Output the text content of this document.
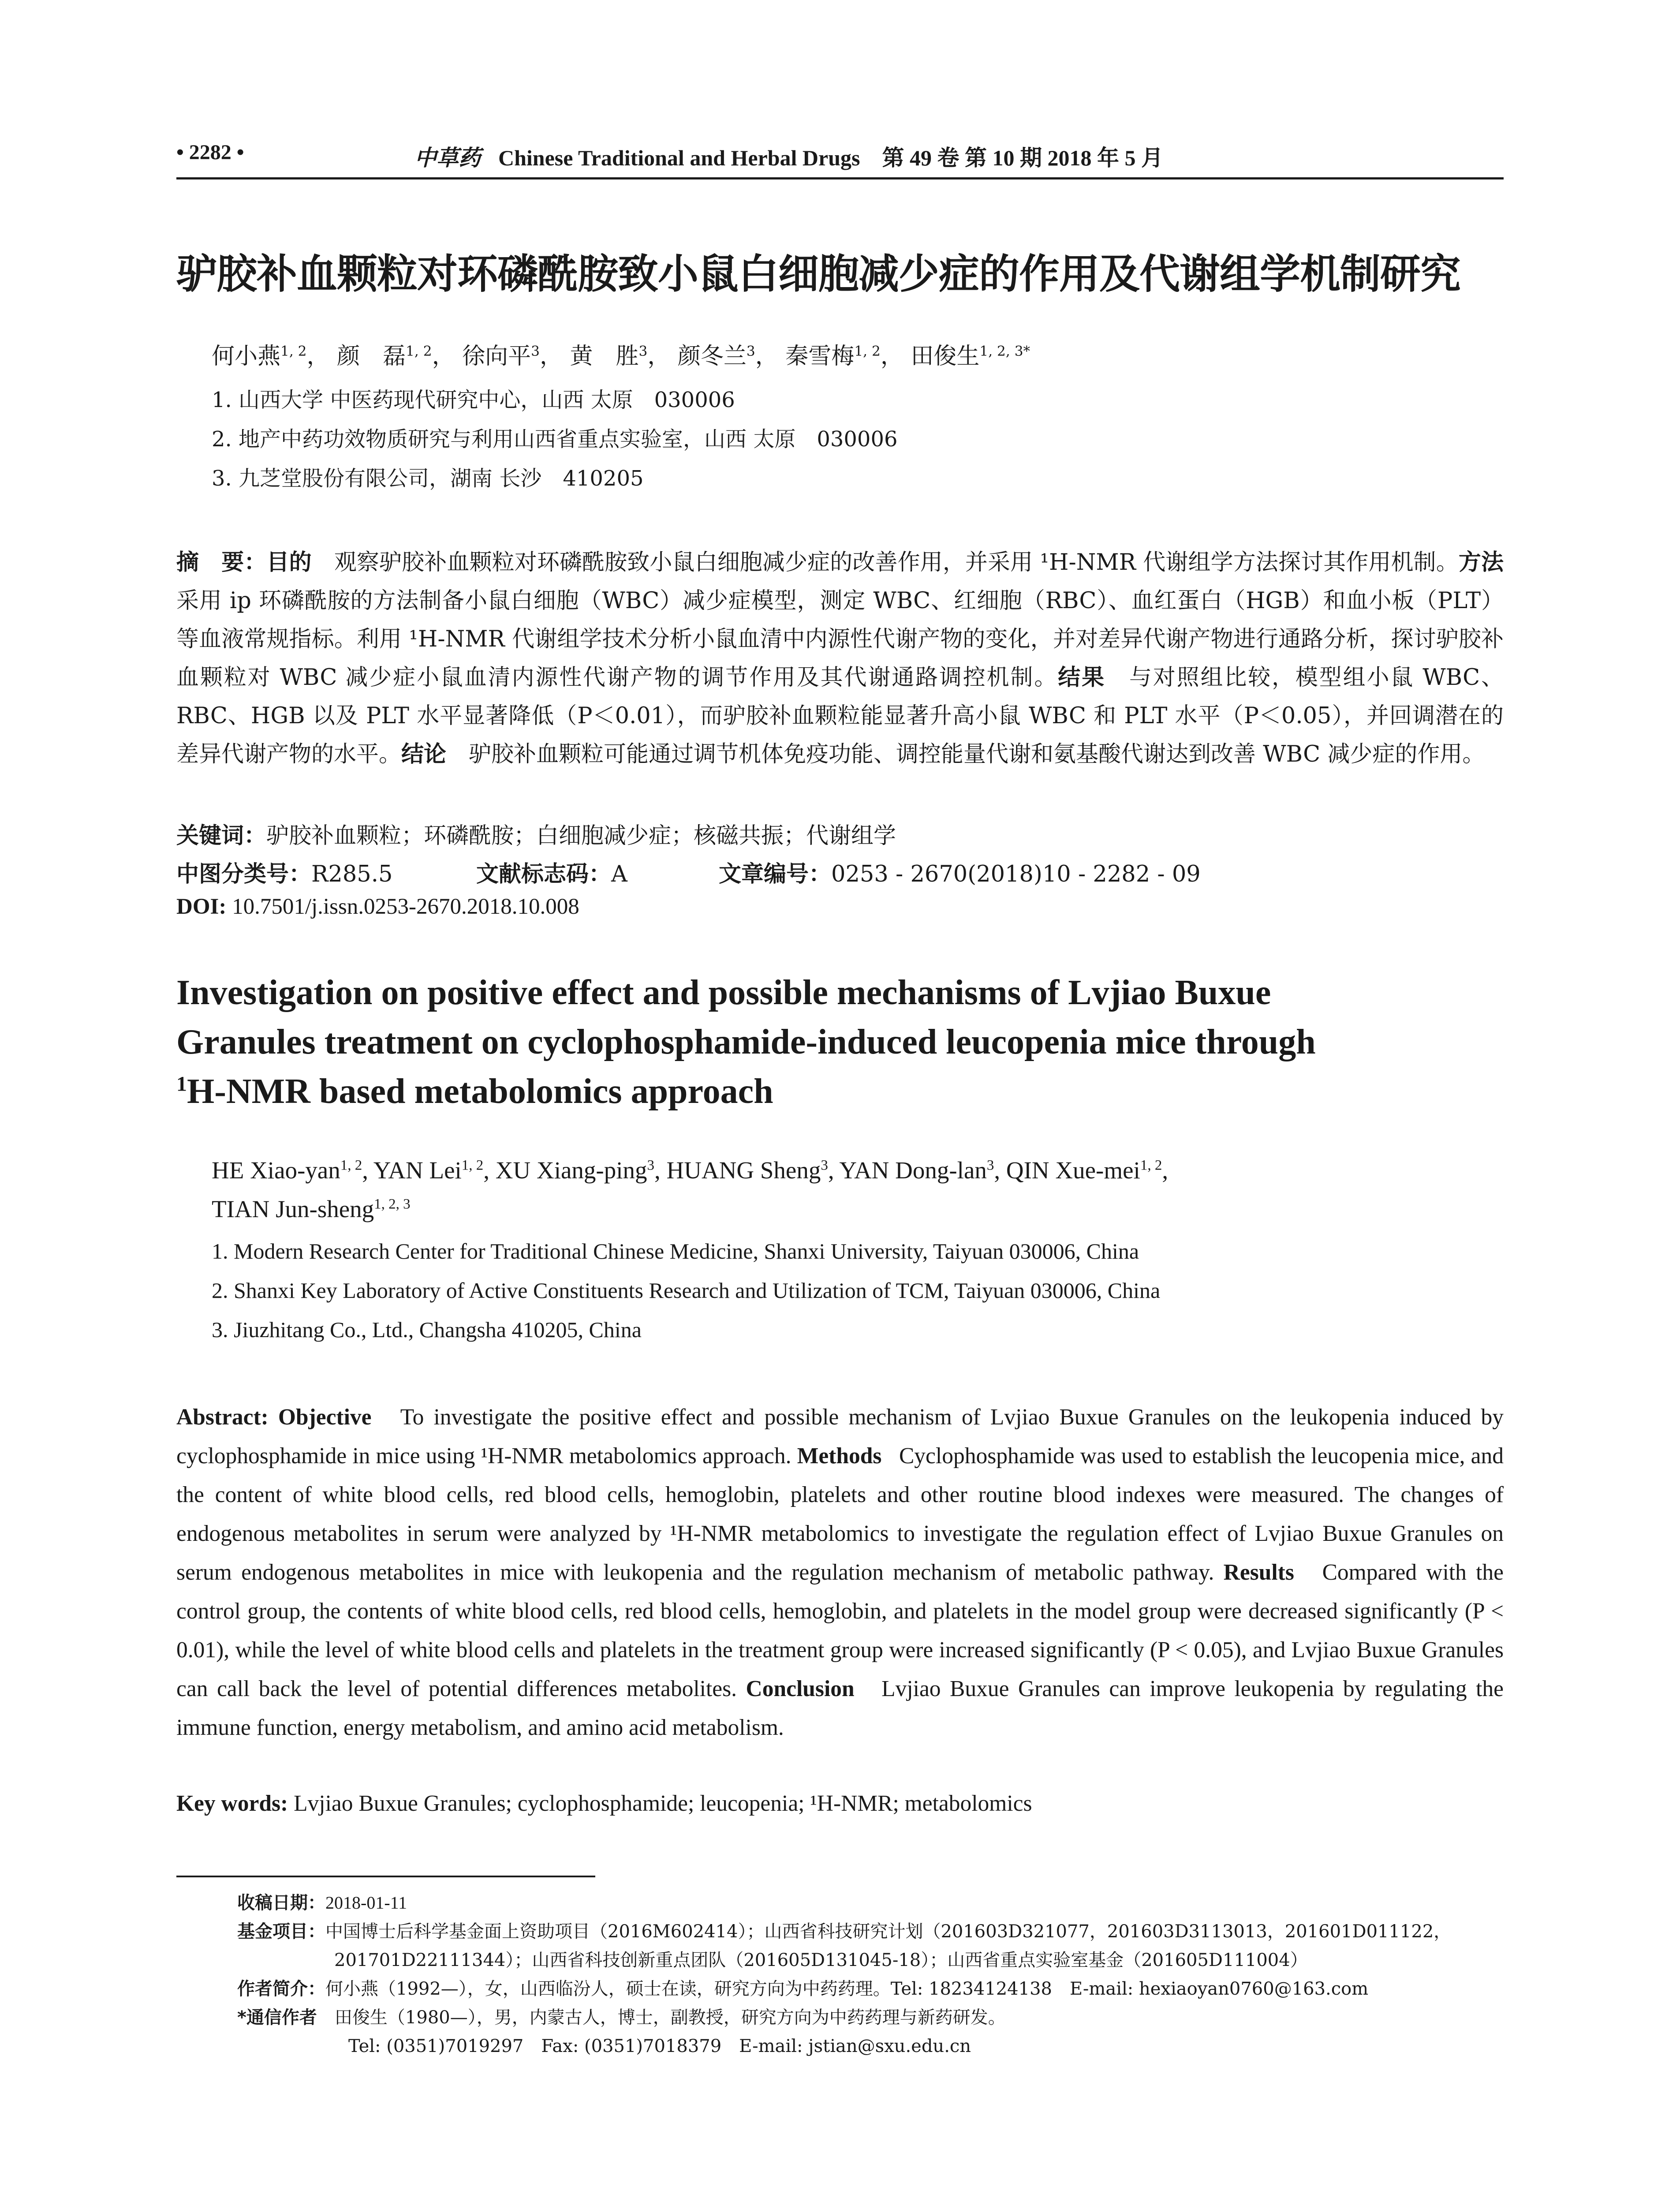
• 2282 •	中草药 Chinese Traditional and Herbal Drugs　第 49 卷 第 10 期 2018 年 5 月
驴胶补血颗粒对环磷酰胺致小鼠白细胞减少症的作用及代谢组学机制研究
何小燕$^{1, 2}$， 颜　磊$^{1, 2}$， 徐向平$^3$， 黄　胜$^3$， 颜冬兰$^3$， 秦雪梅$^{1, 2}$， 田俊生$^{1, 2, 3*}$
1. 山西大学 中医药现代研究中心，山西 太原　030006
2. 地产中药功效物质研究与利用山西省重点实验室，山西 太原　030006
3. 九芝堂股份有限公司，湖南 长沙　410205
摘　要：目的　 观察驴胶补血颗粒对环磷酰胺致小鼠白细胞减少症的改善作用，并采用 ¹H-NMR 代谢组学方法探讨其作用机制。方法　采用 ip 环磷酰胺的方法制备小鼠白细胞（WBC）减少症模型，测定 WBC、红细胞（RBC）、血红蛋白（HGB）和血小板（PLT）等血液常规指标。利用 ¹H-NMR 代谢组学技术分析小鼠血清中内源性代谢产物的变化，并对差异代谢产物进行通路分析，探讨驴胶补血颗粒对 WBC 减少症小鼠血清内源性代谢产物的调节作用及其代谢通路调控机制。结果　 与对照组比较，模型组小鼠 WBC、RBC、HGB 以及 PLT 水平显著降低（P＜0.01），而驴胶补血颗粒能显著升高小鼠 WBC 和 PLT 水平（P＜0.05），并回调潜在的差异代谢产物的水平。结论　 驴胶补血颗粒可能通过调节机体免疫功能、调控能量代谢和氨基酸代谢达到改善 WBC 减少症的作用。
关键词：驴胶补血颗粒；环磷酰胺；白细胞减少症；核磁共振；代谢组学
中图分类号：R285.5	文献标志码：A	文章编号：0253 - 2670(2018)10 - 2282 - 09
DOI: 10.7501/j.issn.0253-2670.2018.10.008
Investigation on positive effect and possible mechanisms of Lvjiao Buxue
Granules treatment on cyclophosphamide-induced leucopenia mice through
$^1$H-NMR based metabolomics approach
HE Xiao-yan$^{1, 2}$, YAN Lei$^{1, 2}$, XU Xiang-ping$^3$, HUANG Sheng$^3$, YAN Dong-lan$^3$, QIN Xue-mei$^{1, 2}$,
TIAN Jun-sheng$^{1, 2, 3}$
1. Modern Research Center for Traditional Chinese Medicine, Shanxi University, Taiyuan 030006, China
2. Shanxi Key Laboratory of Active Constituents Research and Utilization of TCM, Taiyuan 030006, China
3. Jiuzhitang Co., Ltd., Changsha 410205, China
Abstract: Objective To investigate the positive effect and possible mechanism of Lvjiao Buxue Granules on the leukopenia induced by cyclophosphamide in mice using ¹H-NMR metabolomics approach. Methods Cyclophosphamide was used to establish the leucopenia mice, and the content of white blood cells, red blood cells, hemoglobin, platelets and other routine blood indexes were measured. The changes of endogenous metabolites in serum were analyzed by ¹H-NMR metabolomics to investigate the regulation effect of Lvjiao Buxue Granules on serum endogenous metabolites in mice with leukopenia and the regulation mechanism of metabolic pathway. Results Compared with the control group, the contents of white blood cells, red blood cells, hemoglobin, and platelets in the model group were decreased significantly (P < 0.01), while the level of white blood cells and platelets in the treatment group were increased significantly (P < 0.05), and Lvjiao Buxue Granules can call back the level of potential differences metabolites. Conclusion Lvjiao Buxue Granules can improve leukopenia by regulating the immune function, energy metabolism, and amino acid metabolism.
Key words: Lvjiao Buxue Granules; cyclophosphamide; leucopenia; ¹H-NMR; metabolomics
收稿日期：2018-01-11
基金项目：中国博士后科学基金面上资助项目（2016M602414）；山西省科技研究计划（201603D321077，201603D3113013，201601D011122，
201701D22111344）；山西省科技创新重点团队（201605D131045-18）；山西省重点实验室基金（201605D111004）
作者简介：何小燕（1992—），女，山西临汾人，硕士在读，研究方向为中药药理。Tel: 18234124138　E-mail: hexiaoyan0760@163.com
*通信作者　 田俊生（1980—），男，内蒙古人，博士，副教授，研究方向为中药药理与新药研发。
Tel: (0351)7019297　Fax: (0351)7018379　E-mail: jstian@sxu.edu.cn
